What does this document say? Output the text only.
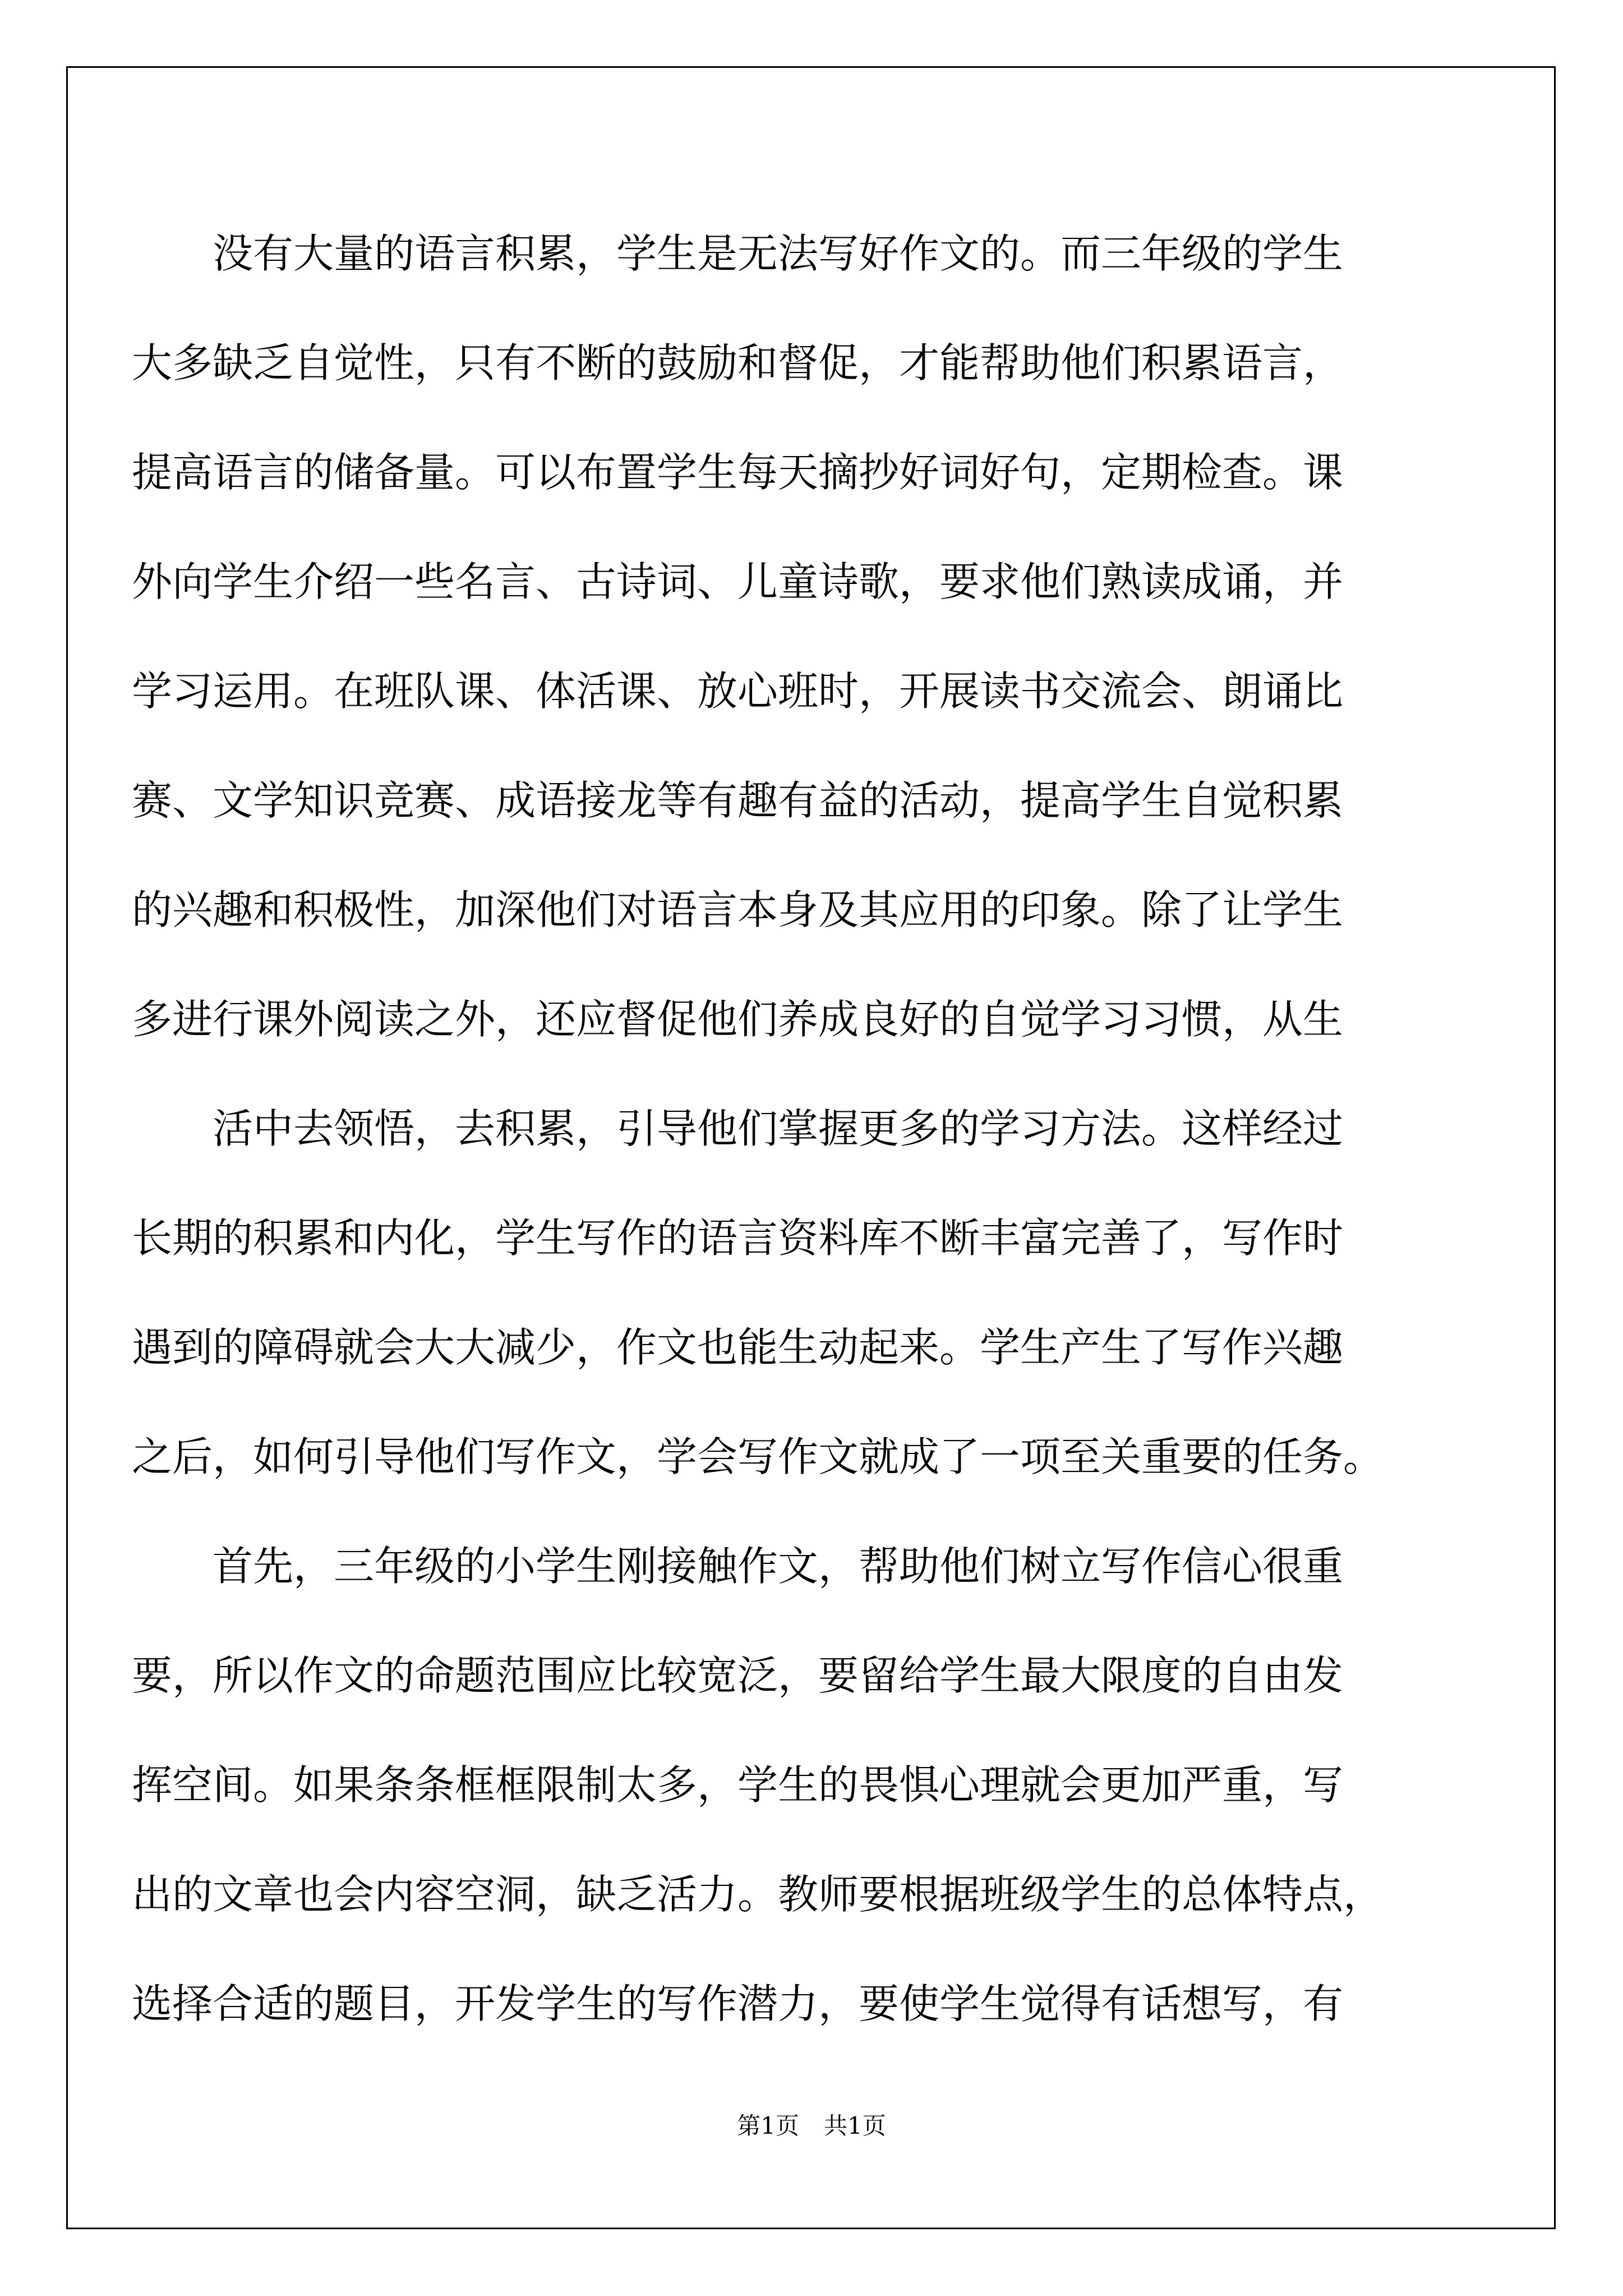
没有大量的语言积累，学生是无法写好作文的。而三年级的学生
大多缺乏自觉性，只有不断的鼓励和督促，才能帮助他们积累语言，
提高语言的储备量。可以布置学生每天摘抄好词好句，定期检查。课
外向学生介绍一些名言、古诗词、儿童诗歌，要求他们熟读成诵，并
学习运用。在班队课、体活课、放心班时，开展读书交流会、朗诵比
赛、文学知识竞赛、成语接龙等有趣有益的活动，提高学生自觉积累
的兴趣和积极性，加深他们对语言本身及其应用的印象。除了让学生
多进行课外阅读之外，还应督促他们养成良好的自觉学习习惯，从生
活中去领悟，去积累，引导他们掌握更多的学习方法。这样经过
长期的积累和内化，学生写作的语言资料库不断丰富完善了，写作时
遇到的障碍就会大大减少，作文也能生动起来。学生产生了写作兴趣
之后，如何引导他们写作文，学会写作文就成了一项至关重要的任务。
首先，三年级的小学生刚接触作文，帮助他们树立写作信心很重
要，所以作文的命题范围应比较宽泛，要留给学生最大限度的自由发
挥空间。如果条条框框限制太多，学生的畏惧心理就会更加严重，写
出的文章也会内容空洞，缺乏活力。教师要根据班级学生的总体特点，
选择合适的题目，开发学生的写作潜力，要使学生觉得有话想写，有
第1页 共1页
